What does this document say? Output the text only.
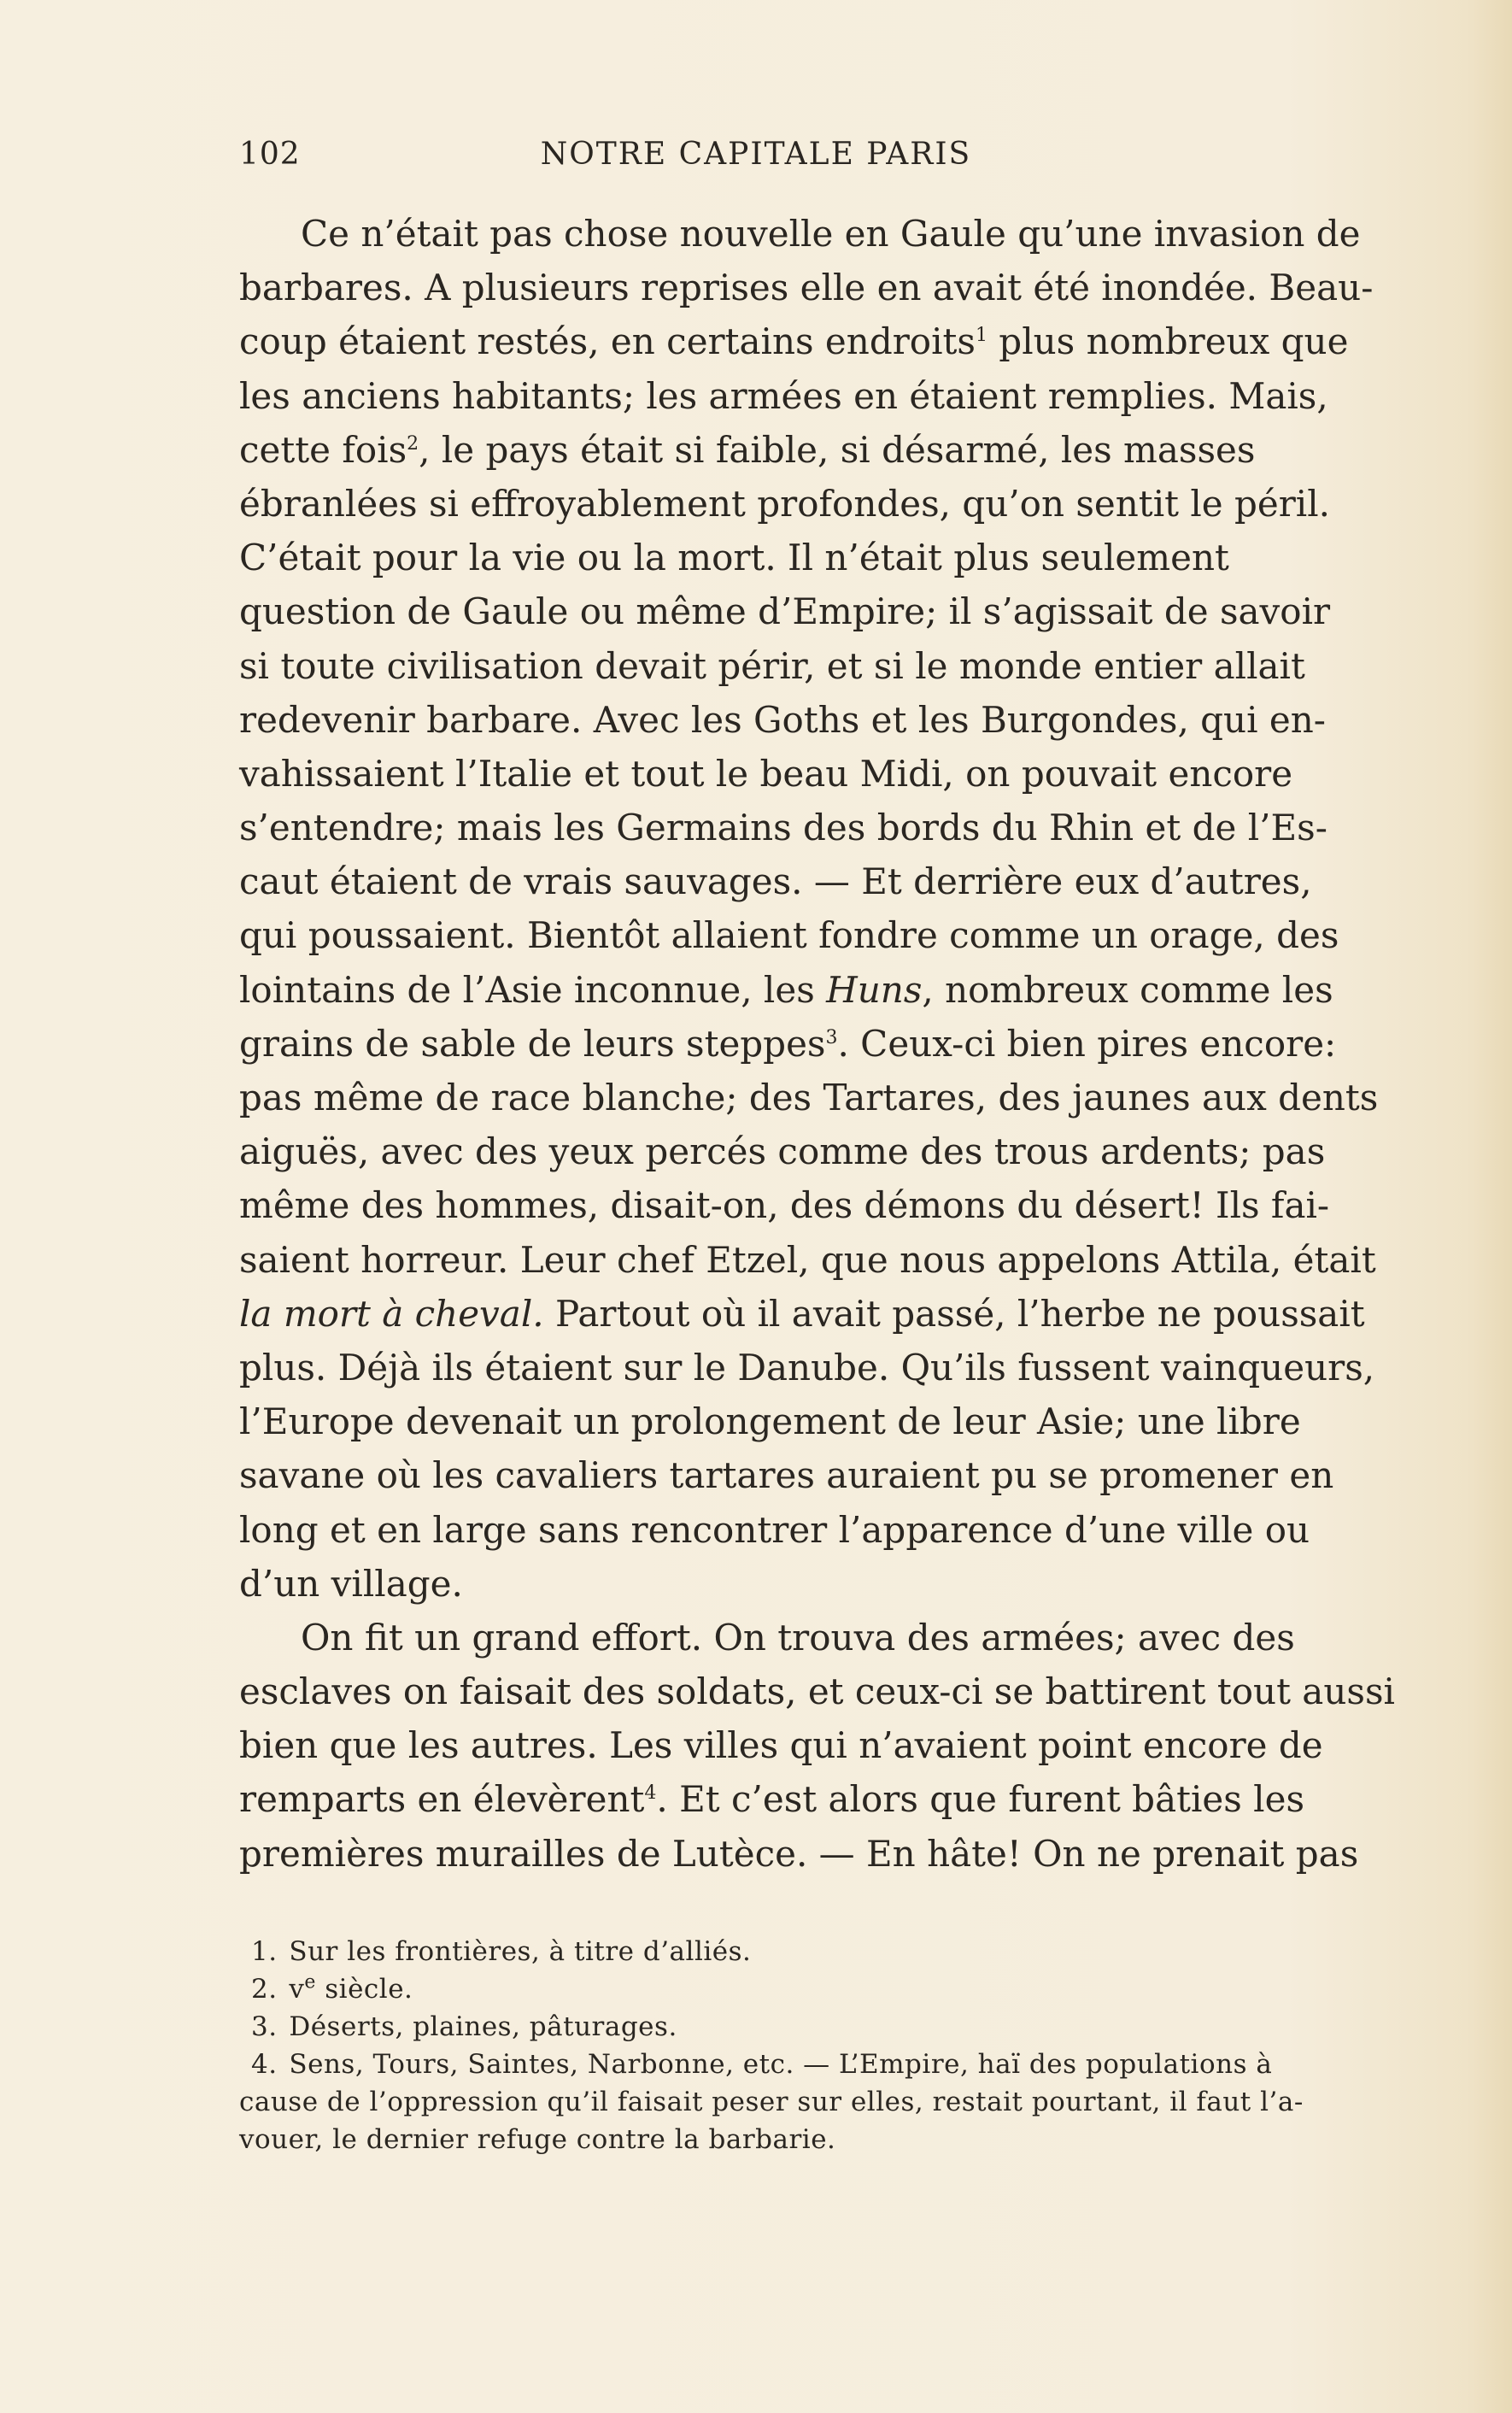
102	NOTRE CAPITALE PARIS
Ce n’était pas chose nouvelle en Gaule qu’une invasion de
barbares. A plusieurs reprises elle en avait été inondée. Beau-
coup étaient restés, en certains endroits$^1$ plus nombreux que
les anciens habitants; les armées en étaient remplies. Mais,
cette fois$^2$, le pays était si faible, si désarmé, les masses
ébranlées si effroyablement profondes, qu’on sentit le péril.
C’était pour la vie ou la mort. Il n’était plus seulement
question de Gaule ou même d’Empire; il s’agissait de savoir
si toute civilisation devait périr, et si le monde entier allait
redevenir barbare. Avec les Goths et les Burgondes, qui en-
vahissaient l’Italie et tout le beau Midi, on pouvait encore
s’entendre; mais les Germains des bords du Rhin et de l’Es-
caut étaient de vrais sauvages. — Et derrière eux d’autres,
qui poussaient. Bientôt allaient fondre comme un orage, des
lointains de l’Asie inconnue, les Huns, nombreux comme les
grains de sable de leurs steppes$^3$. Ceux-ci bien pires encore:
pas même de race blanche; des Tartares, des jaunes aux dents
aiguës, avec des yeux percés comme des trous ardents; pas
même des hommes, disait-on, des démons du désert! Ils fai-
saient horreur. Leur chef Etzel, que nous appelons Attila, était
la mort à cheval. Partout où il avait passé, l’herbe ne poussait
plus. Déjà ils étaient sur le Danube. Qu’ils fussent vainqueurs,
l’Europe devenait un prolongement de leur Asie; une libre
savane où les cavaliers tartares auraient pu se promener en
long et en large sans rencontrer l’apparence d’une ville ou
d’un village.
On fit un grand effort. On trouva des armées; avec des
esclaves on faisait des soldats, et ceux-ci se battirent tout aussi
bien que les autres. Les villes qui n’avaient point encore de
remparts en élevèrent$^4$. Et c’est alors que furent bâties les
premières murailles de Lutèce. — En hâte! On ne prenait pas
1. Sur les frontières, à titre d’alliés.
2. $v^e$ siècle.
3. Déserts, plaines, pâturages.
4. Sens, Tours, Saintes, Narbonne, etc. — L’Empire, haï des populations à
cause de l’oppression qu’il faisait peser sur elles, restait pourtant, il faut l’a-
vouer, le dernier refuge contre la barbarie.
